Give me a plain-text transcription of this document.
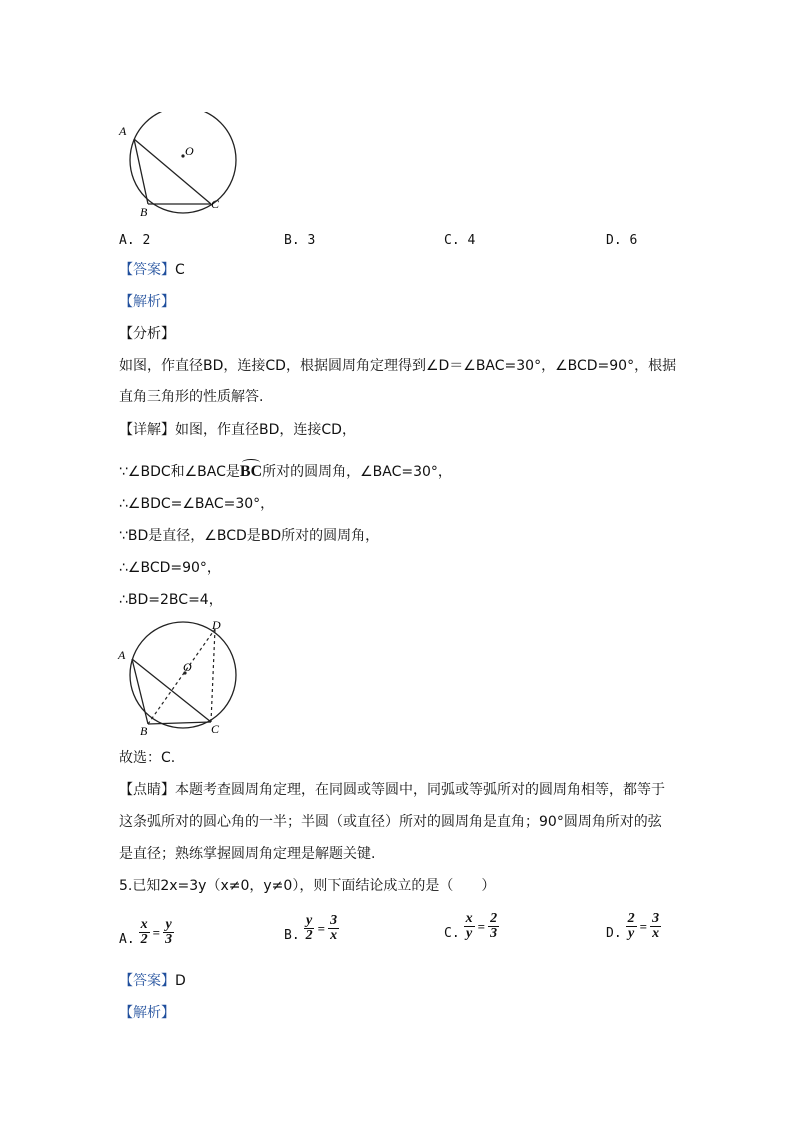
A
O
B
C
A. 2	B. 3	C. 4	D. 6
【答案】C
【解析】
【分析】
如图，作直径BD，连接CD，根据圆周角定理得到∠D＝∠BAC=30°，∠BCD=90°，根据
直角三角形的性质解答.
【详解】如图，作直径BD，连接CD，
∵∠BDC和∠BAC是BC所对的圆周角，∠BAC=30°，
∴∠BDC=∠BAC=30°，
∵BD是直径，∠BCD是BD所对的圆周角，
∴∠BCD=90°，
∴BD=2BC=4，
D
A
O
B	C
故选：C.
【点睛】本题考查圆周角定理，在同圆或等圆中，同弧或等弧所对的圆周角相等，都等于
这条弧所对的圆心角的一半；半圆（或直径）所对的圆周角是直角；90°圆周角所对的弦
是直径；熟练掌握圆周角定理是解题关键.
5.已知2x=3y（x≠0，y≠0），则下面结论成立的是（　　）
A. $\frac{x}{2} = \frac{y}{3}$	B. $\frac{y}{2} = \frac{3}{x}$	C. $\frac{x}{y} = \frac{2}{3}$	D. $\frac{2}{y} = \frac{3}{x}$
【答案】D
【解析】
